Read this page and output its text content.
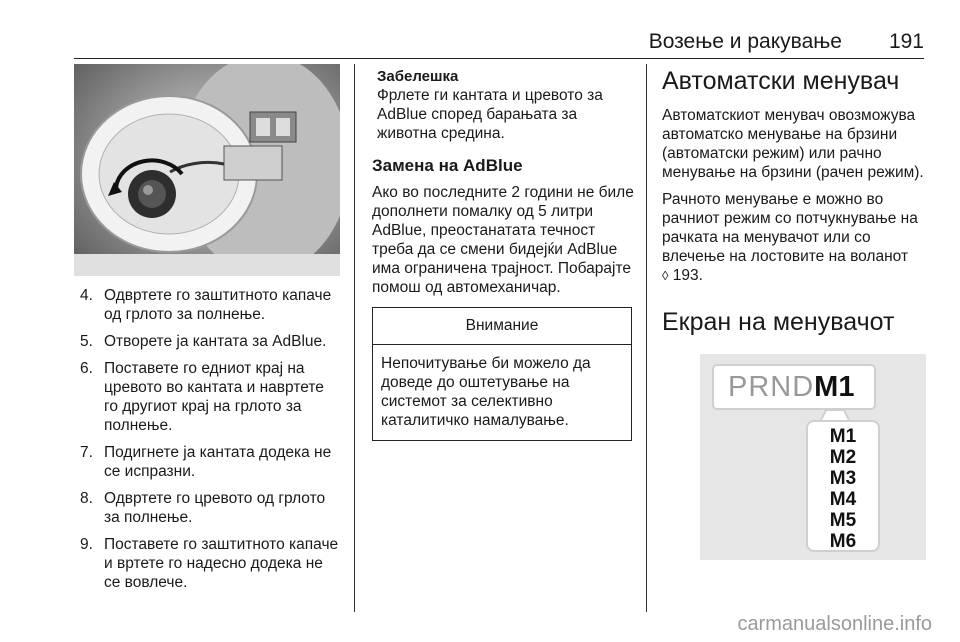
Возење и ракување 191
4. Одвртете го заштитното капаче од грлото за полнење.
5. Отворете ја кантата за AdBlue.
6. Поставете го едниот крај на цревото во кантата и навртете го другиот крај на грлото за полнење.
7. Подигнете ја кантата додека не се испразни.
8. Одвртете го цревото од грлото за полнење.
9. Поставете го заштитното капаче и вртете го надесно додека не се вовлече.
Забелешка
Фрлете ги кантата и цревото за AdBlue според барањата за животна средина.
Замена на AdBlue
Ако во последните 2 години не биле дополнети помалку од 5 литри AdBlue, преостанатата течност треба да се смени бидејќи AdBlue има ограничена трајност. Побарајте помош од автомеханичар.
Внимание
Непочитување би можело да доведе до оштетување на системот за селективно каталитичко намалување.
Автоматски менувач
Автоматскиот менувач овозможува автоматско менување на брзини (автоматски режим) или рачно менување на брзини (рачен режим).
Рачното менување е можно во рачниот режим со потчукнување на рачката на менувачот или со влечење на лостовите на воланот
◊ 193.
Екран на менувачот
PRNDM1
M1
M2
M3
M4
M5
M6
carmanualsonline.info
